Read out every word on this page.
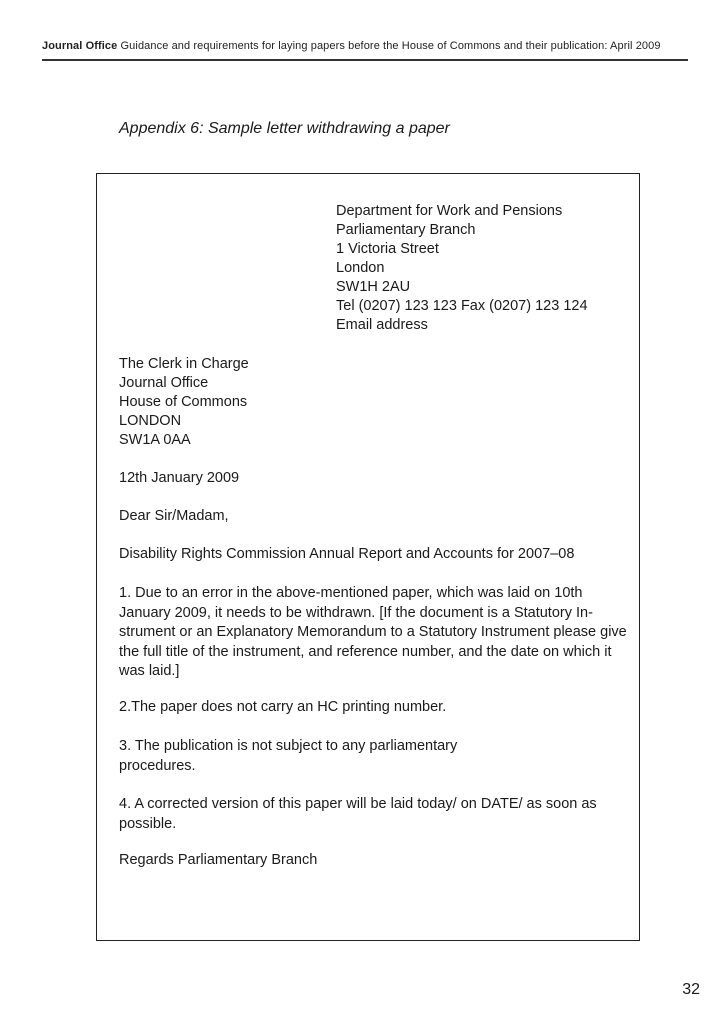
Journal Office Guidance and requirements for laying papers before the House of Commons and their publication: April 2009
Appendix 6: Sample letter withdrawing a paper
Department for Work and Pensions
Parliamentary Branch
1 Victoria Street
London
SW1H 2AU
Tel (0207) 123 123 Fax (0207) 123 124
Email address
The Clerk in Charge
Journal Office
House of Commons
LONDON
SW1A 0AA

12th January 2009

Dear Sir/Madam,

Disability Rights Commission Annual Report and Accounts for 2007–08

1. Due to an error in the above-mentioned paper, which was laid on 10th January 2009, it needs to be withdrawn. [If the document is a Statutory Instrument or an Explanatory Memorandum to a Statutory Instrument please give the full title of the instrument, and reference number, and the date on which it was laid.]

2.The paper does not carry an HC printing number.

3. The publication is not subject to any parliamentary procedures.

4. A corrected version of this paper will be laid today/ on DATE/ as soon as possible.

Regards Parliamentary Branch

32
